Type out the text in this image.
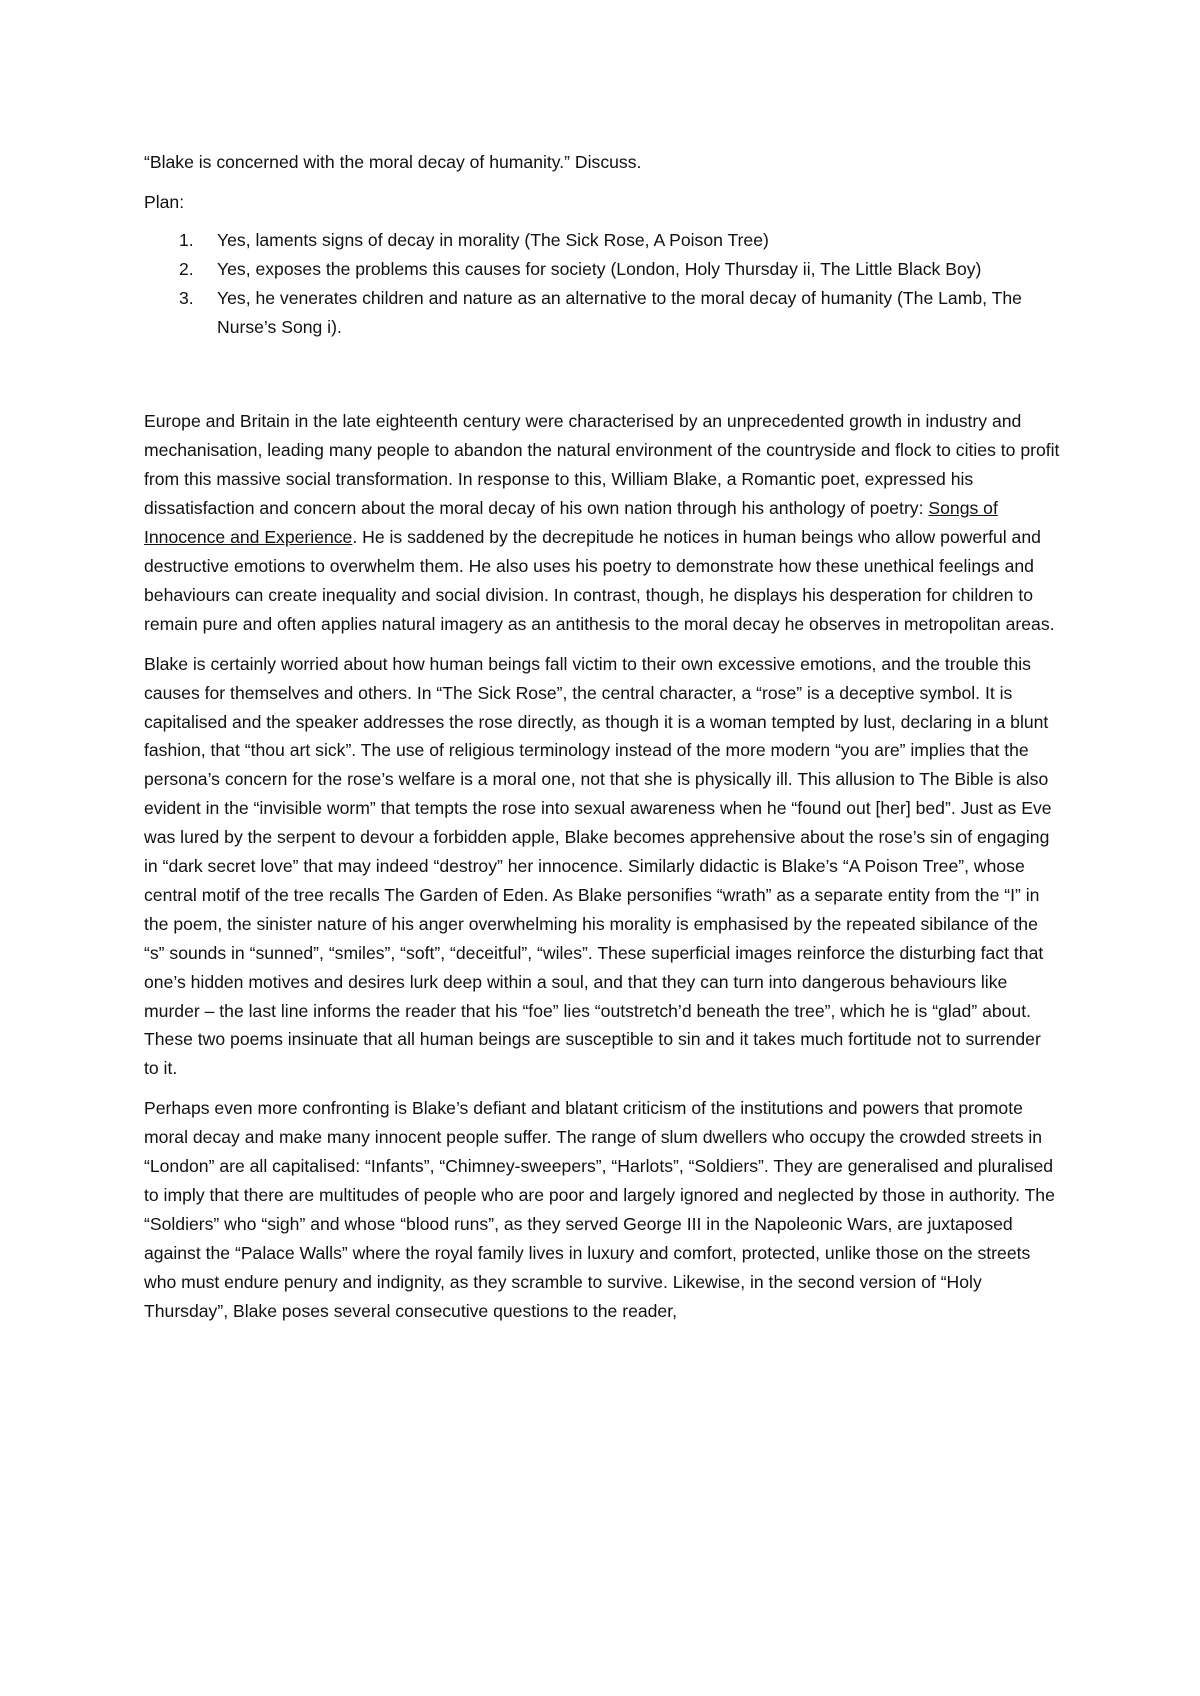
“Blake is concerned with the moral decay of humanity.” Discuss.

Plan:

1. Yes, laments signs of decay in morality (The Sick Rose, A Poison Tree)
2. Yes, exposes the problems this causes for society (London, Holy Thursday ii, The Little Black Boy)
3. Yes, he venerates children and nature as an alternative to the moral decay of humanity (The Lamb, The Nurse’s Song i).

Europe and Britain in the late eighteenth century were characterised by an unprecedented growth in industry and mechanisation, leading many people to abandon the natural environment of the countryside and flock to cities to profit from this massive social transformation. In response to this, William Blake, a Romantic poet, expressed his dissatisfaction and concern about the moral decay of his own nation through his anthology of poetry: Songs of Innocence and Experience. He is saddened by the decrepitude he notices in human beings who allow powerful and destructive emotions to overwhelm them. He also uses his poetry to demonstrate how these unethical feelings and behaviours can create inequality and social division. In contrast, though, he displays his desperation for children to remain pure and often applies natural imagery as an antithesis to the moral decay he observes in metropolitan areas.

Blake is certainly worried about how human beings fall victim to their own excessive emotions, and the trouble this causes for themselves and others. In “The Sick Rose”, the central character, a “rose” is a deceptive symbol. It is capitalised and the speaker addresses the rose directly, as though it is a woman tempted by lust, declaring in a blunt fashion, that “thou art sick”. The use of religious terminology instead of the more modern “you are” implies that the persona’s concern for the rose’s welfare is a moral one, not that she is physically ill. This allusion to The Bible is also evident in the “invisible worm” that tempts the rose into sexual awareness when he “found out [her] bed”. Just as Eve was lured by the serpent to devour a forbidden apple, Blake becomes apprehensive about the rose’s sin of engaging in “dark secret love” that may indeed “destroy” her innocence. Similarly didactic is Blake’s “A Poison Tree”, whose central motif of the tree recalls The Garden of Eden. As Blake personifies “wrath” as a separate entity from the “I” in the poem, the sinister nature of his anger overwhelming his morality is emphasised by the repeated sibilance of the “s” sounds in “sunned”, “smiles”, “soft”, “deceitful”, “wiles”. These superficial images reinforce the disturbing fact that one’s hidden motives and desires lurk deep within a soul, and that they can turn into dangerous behaviours like murder – the last line informs the reader that his “foe” lies “outstretch’d beneath the tree”, which he is “glad” about. These two poems insinuate that all human beings are susceptible to sin and it takes much fortitude not to surrender to it.

Perhaps even more confronting is Blake’s defiant and blatant criticism of the institutions and powers that promote moral decay and make many innocent people suffer. The range of slum dwellers who occupy the crowded streets in “London” are all capitalised: “Infants”, “Chimney-sweepers”, “Harlots”, “Soldiers”. They are generalised and pluralised to imply that there are multitudes of people who are poor and largely ignored and neglected by those in authority. The “Soldiers” who “sigh” and whose “blood runs”, as they served George III in the Napoleonic Wars, are juxtaposed against the “Palace Walls” where the royal family lives in luxury and comfort, protected, unlike those on the streets who must endure penury and indignity, as they scramble to survive. Likewise, in the second version of “Holy Thursday”, Blake poses several consecutive questions to the reader,
